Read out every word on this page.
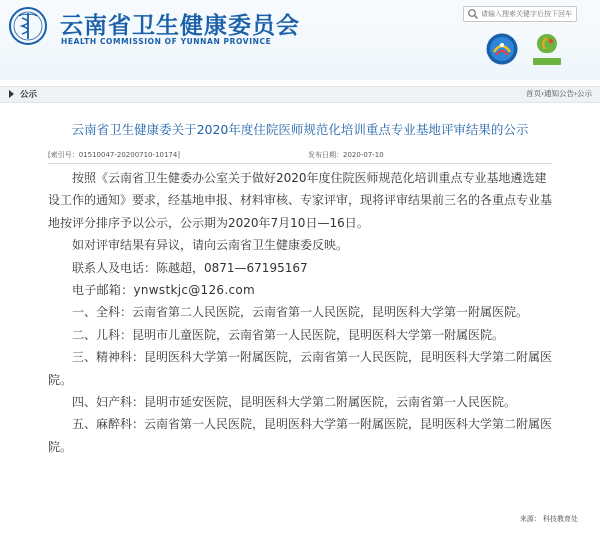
云南省卫生健康委员会
HEALTH COMMISSION OF YUNNAN PROVINCE
请输入搜索关键字后按下回车
公示	首页›通知公告›公示
云南省卫生健康委关于2020年度住院医师规范化培训重点专业基地评审结果的公示
[索引号：01510047-20200710-10174]	发布日期：2020-07-10

按照《云南省卫生健委办公室关于做好2020年度住院医师规范化培训重点专业基地遴选建设工作的通知》要求，经基地申报、材料审核、专家评审，现将评审结果前三名的各重点专业基地按评分排序予以公示，公示期为2020年7月10日—16日。

如对评审结果有异议，请向云南省卫生健康委反映。

联系人及电话：陈越超，0871—67195167

电子邮箱：ynwstkjc@126.com

一、全科：云南省第二人民医院，云南省第一人民医院，昆明医科大学第一附属医院。

二、儿科：昆明市儿童医院，云南省第一人民医院，昆明医科大学第一附属医院。

三、精神科：昆明医科大学第一附属医院，云南省第一人民医院，昆明医科大学第二附属医院。

四、妇产科：昆明市延安医院，昆明医科大学第二附属医院，云南省第一人民医院。

五、麻醉科：云南省第一人民医院，昆明医科大学第一附属医院，昆明医科大学第二附属医院。

来源： 科技教育处
